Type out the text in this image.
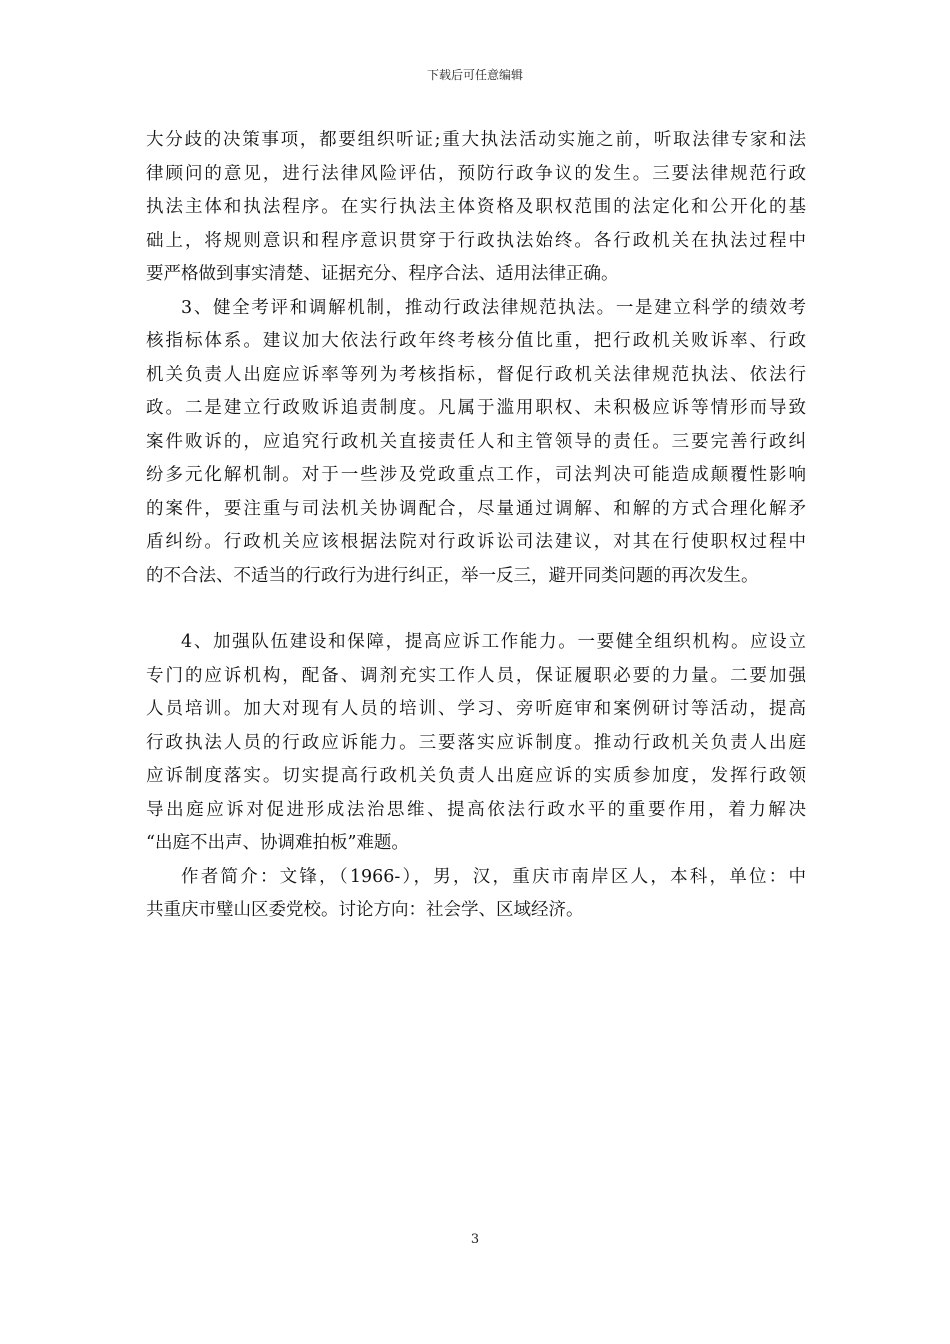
下载后可任意编辑

大分歧的决策事项，都要组织听证;重大执法活动实施之前，听取法律专家和法
律顾问的意见，进行法律风险评估，预防行政争议的发生。三要法律规范行政
执法主体和执法程序。在实行执法主体资格及职权范围的法定化和公开化的基
础上，将规则意识和程序意识贯穿于行政执法始终。各行政机关在执法过程中
要严格做到事实清楚、证据充分、程序合法、适用法律正确。

3、健全考评和调解机制，推动行政法律规范执法。一是建立科学的绩效考
核指标体系。建议加大依法行政年终考核分值比重，把行政机关败诉率、行政
机关负责人出庭应诉率等列为考核指标，督促行政机关法律规范执法、依法行
政。二是建立行政败诉追责制度。凡属于滥用职权、未积极应诉等情形而导致
案件败诉的，应追究行政机关直接责任人和主管领导的责任。三要完善行政纠
纷多元化解机制。对于一些涉及党政重点工作，司法判决可能造成颠覆性影响
的案件，要注重与司法机关协调配合，尽量通过调解、和解的方式合理化解矛
盾纠纷。行政机关应该根据法院对行政诉讼司法建议，对其在行使职权过程中
的不合法、不适当的行政行为进行纠正，举一反三，避开同类问题的再次发生。

4、加强队伍建设和保障，提高应诉工作能力。一要健全组织机构。应设立
专门的应诉机构，配备、调剂充实工作人员，保证履职必要的力量。二要加强
人员培训。加大对现有人员的培训、学习、旁听庭审和案例研讨等活动，提高
行政执法人员的行政应诉能力。三要落实应诉制度。推动行政机关负责人出庭
应诉制度落实。切实提高行政机关负责人出庭应诉的实质参加度，发挥行政领
导出庭应诉对促进形成法治思维、提高依法行政水平的重要作用，着力解决
“出庭不出声、协调难拍板”难题。

作者简介：文锋，（1966-），男，汉，重庆市南岸区人，本科，单位：中
共重庆市璧山区委党校。讨论方向：社会学、区域经济。

3
